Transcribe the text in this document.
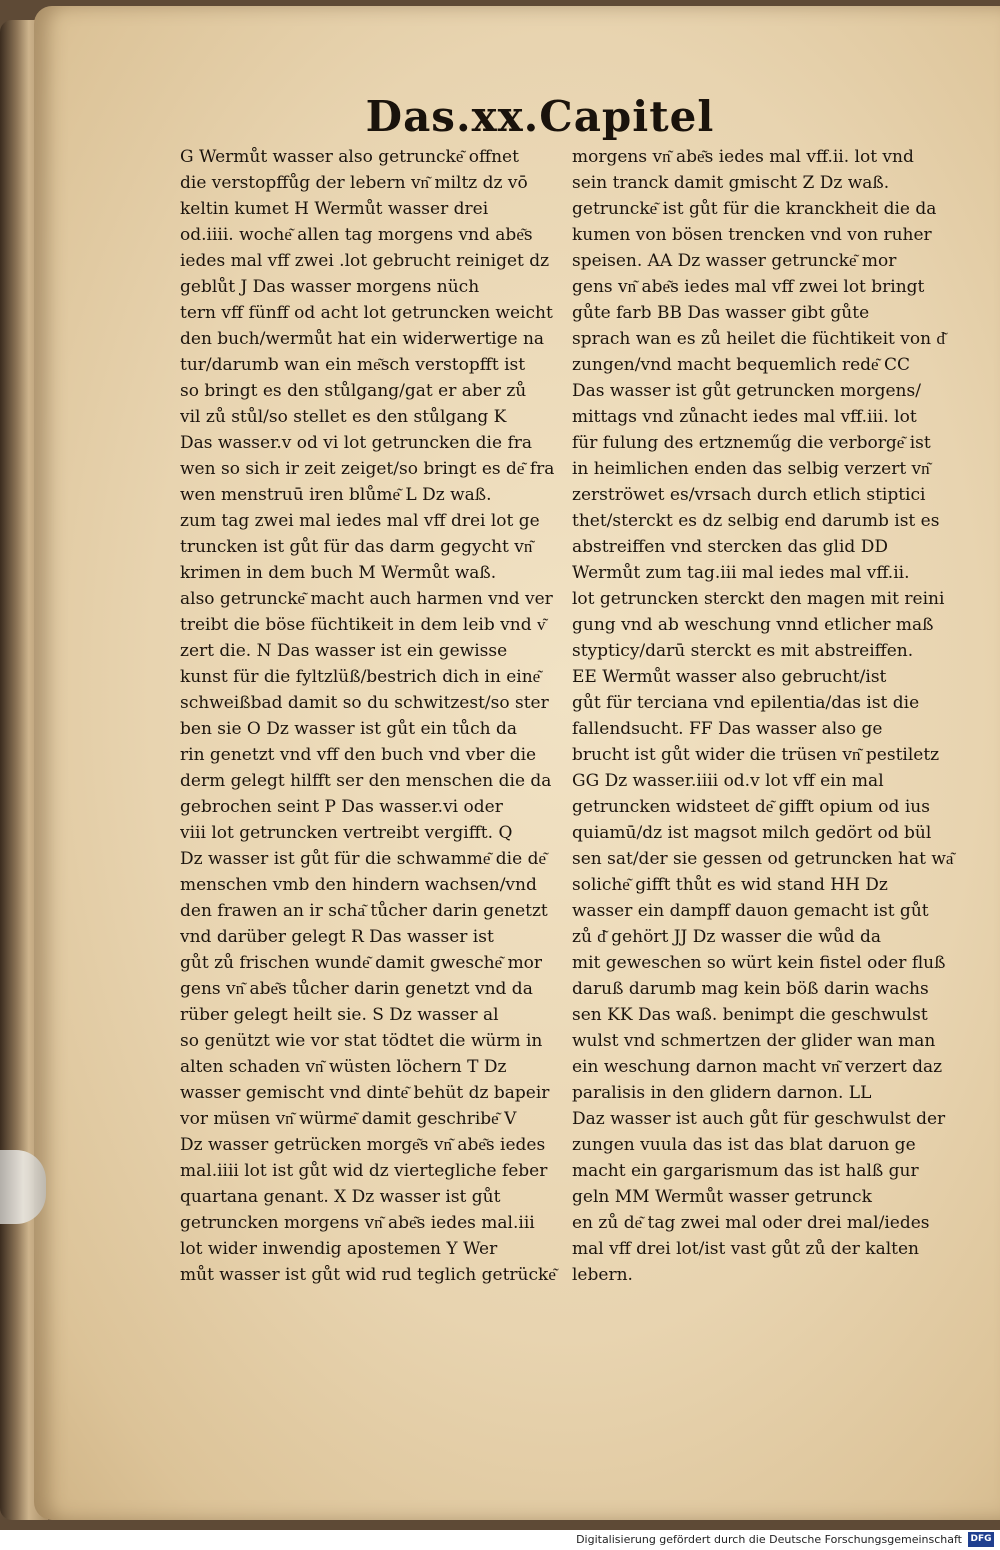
Das.xx.Capitel
G Wermůt wasser also getruncke͂ offnet
die verstopffůg der lebern vn͂ miltz dz vō
keltin kumet H Wermůt wasser drei
od.iiii. woche͂ allen tag morgens vnd abe͂s
iedes mal vff zwei .lot gebrucht reiniget dz
geblůt J Das wasser morgens nüch
tern vff fünff od acht lot getruncken weicht
den buch/wermůt hat ein widerwertige na
tur/darumb wan ein me͂sch verstopfft ist
so bringt es den stůlgang/gat er aber zů
vil zů stůl/so stellet es den stůlgang K
Das wasser.v od vi lot getruncken die fra
wen so sich ir zeit zeiget/so bringt es de͂ fra
wen menstruū iren blůme͂ L Dz waß.
zum tag zwei mal iedes mal vff drei lot ge
truncken ist gůt für das darm gegycht vn͂
krimen in dem buch M Wermůt waß.
also getruncke͂ macht auch harmen vnd ver
treibt die böse füchtikeit in dem leib vnd v͂
zert die. N Das wasser ist ein gewisse
kunst für die fyltzlüß/bestrich dich in eine͂
schweißbad damit so du schwitzest/so ster
ben sie O Dz wasser ist gůt ein tůch da
rin genetzt vnd vff den buch vnd vber die
derm gelegt hilfft ser den menschen die da
gebrochen seint P Das wasser.vi oder
viii lot getruncken vertreibt vergifft. Q
Dz wasser ist gůt für die schwamme͂ die de͂
menschen vmb den hindern wachsen/vnd
den frawen an ir scha͂ tůcher darin genetzt
vnd darüber gelegt R Das wasser ist
gůt zů frischen wunde͂ damit gwesche͂ mor
gens vn͂ abe͂s tůcher darin genetzt vnd da
rüber gelegt heilt sie. S Dz wasser al
so genützt wie vor stat tödtet die würm in
alten schaden vn͂ wüsten löchern T Dz
wasser gemischt vnd dinte͂ behüt dz bapeir
vor müsen vn͂ würme͂ damit geschribe͂ V
Dz wasser getrücken morge͂s vn͂ abe͂s iedes
mal.iiii lot ist gůt wid dz viertegliche feber
quartana genant. X Dz wasser ist gůt
getruncken morgens vn͂ abe͂s iedes mal.iii
lot wider inwendig apostemen Y Wer
můt wasser ist gůt wid rud teglich getrücke͂
morgens vn͂ abe͂s iedes mal vff.ii. lot vnd
sein tranck damit gmischt Z Dz waß.
getruncke͂ ist gůt für die kranckheit die da
kumen von bösen trencken vnd von ruher
speisen. AA Dz wasser getruncke͂ mor
gens vn͂ abe͂s iedes mal vff zwei lot bringt
gůte farb BB Das wasser gibt gůte
sprach wan es zů heilet die füchtikeit von d͂
zungen/vnd macht bequemlich rede͂ CC
Das wasser ist gůt getruncken morgens/
mittags vnd zůnacht iedes mal vff.iii. lot
für fulung des ertzneműg die verborge͂ ist
in heimlichen enden das selbig verzert vn͂
zerströwet es/vrsach durch etlich stiptici
thet/sterckt es dz selbig end darumb ist es
abstreiffen vnd stercken das glid DD
Wermůt zum tag.iii mal iedes mal vff.ii.
lot getruncken sterckt den magen mit reini
gung vnd ab weschung vnnd etlicher maß
stypticy/darū sterckt es mit abstreiffen.
EE Wermůt wasser also gebrucht/ist
gůt für terciana vnd epilentia/das ist die
fallendsucht. FF Das wasser also ge
brucht ist gůt wider die trüsen vn͂ pestiletz
GG Dz wasser.iiii od.v lot vff ein mal
getruncken widsteet de͂ gifft opium od ius
quiamū/dz ist magsot milch gedört od bül
sen sat/der sie gessen od getruncken hat wa͂
soliche͂ gifft thůt es wid stand HH Dz
wasser ein dampff dauon gemacht ist gůt
zů d͂ gehört JJ Dz wasser die wůd da
mit geweschen so würt kein fistel oder fluß
daruß darumb mag kein böß darin wachs
sen KK Das waß. benimpt die geschwulst
wulst vnd schmertzen der glider wan man
ein weschung darnon macht vn͂ verzert daz
paralisis in den glidern darnon. LL
Daz wasser ist auch gůt für geschwulst der
zungen vuula das ist das blat daruon ge
macht ein gargarismum das ist halß gur
geln MM Wermůt wasser getrunck
en zů de͂ tag zwei mal oder drei mal/iedes
mal vff drei lot/ist vast gůt zů der kalten
lebern.
Digitalisierung gefördert durch die Deutsche Forschungsgemeinschaft DFG
